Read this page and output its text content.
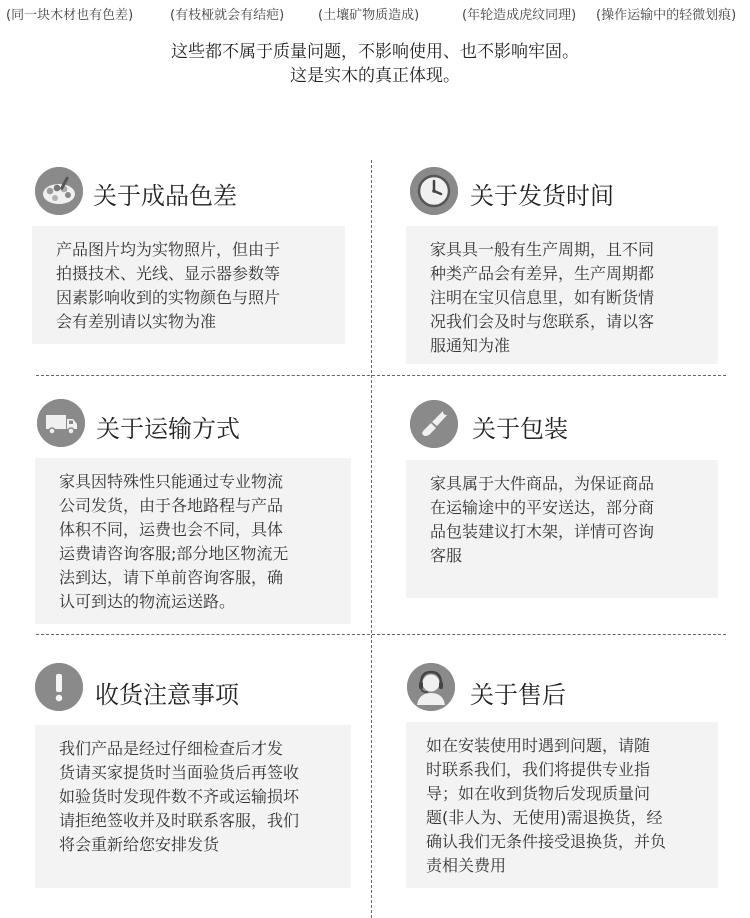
(同一块木材也有色差)	(有枝桠就会有结疤)	(土壤矿物质造成)	(年轮造成虎纹同理) (操作运输中的轻微划痕)
这些都不属于质量问题，不影响使用、也不影响牢固。
这是实木的真正体现。
关于成品色差
产品图片均为实物照片，但由于
拍摄技术、光线、显示器参数等
因素影响收到的实物颜色与照片
会有差别请以实物为准
关于发货时间
家具具一般有生产周期，且不同
种类产品会有差异，生产周期都
注明在宝贝信息里，如有断货情
况我们会及时与您联系，请以客
服通知为准
关于运输方式
家具因特殊性只能通过专业物流
公司发货，由于各地路程与产品
体积不同，运费也会不同，具体
运费请咨询客服;部分地区物流无
法到达，请下单前咨询客服，确
认可到达的物流运送路。
关于包装
家具属于大件商品，为保证商品
在运输途中的平安送达，部分商
品包装建议打木架，详情可咨询
客服
收货注意事项
我们产品是经过仔细检查后才发
货请买家提货时当面验货后再签收
如验货时发现件数不齐或运输损坏
请拒绝签收并及时联系客服，我们
将会重新给您安排发货
关于售后
如在安装使用时遇到问题，请随
时联系我们，我们将提供专业指
导；如在收到货物后发现质量问
题(非人为、无使用)需退换货，经
确认我们无条件接受退换货，并负
责相关费用
